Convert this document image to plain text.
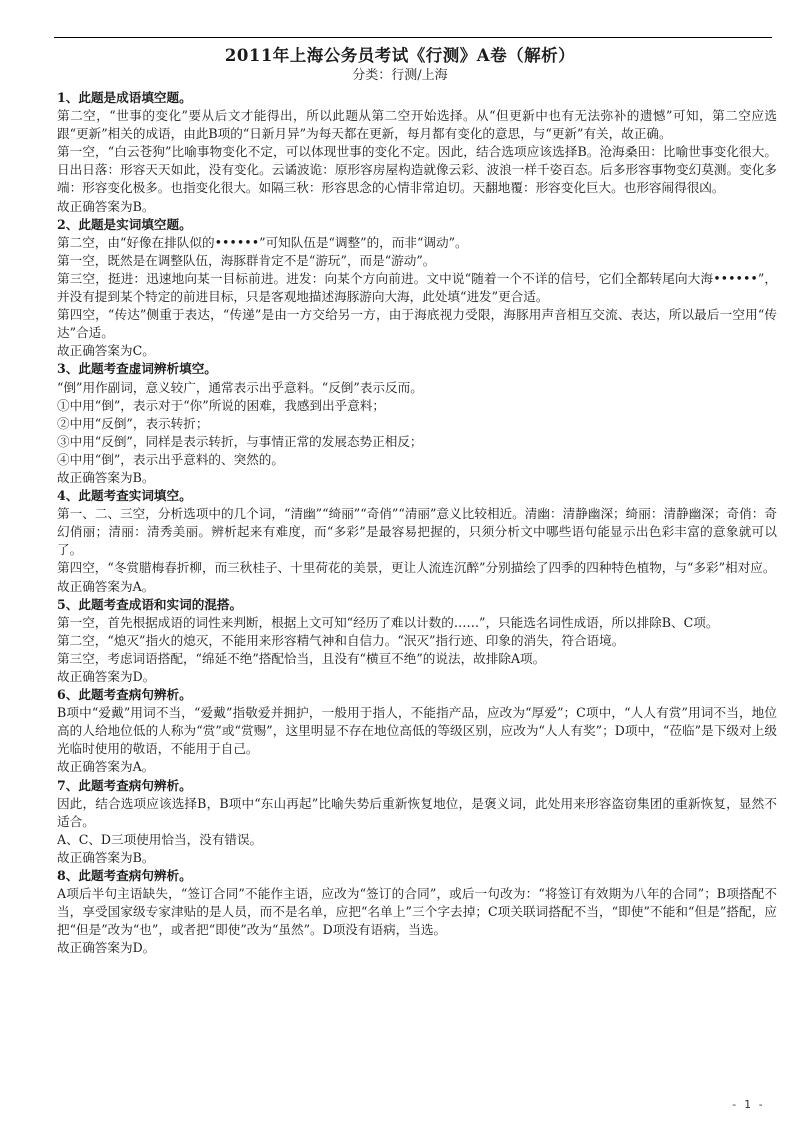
2011年上海公务员考试《行测》A卷（解析）
分类：行测/上海

1、此题是成语填空题。

第二空，“世事的变化”要从后文才能得出，所以此题从第二空开始选择。从“但更新中也有无法弥补的遗憾”可知，第二空应选跟“更新”相关的成语，由此B项的“日新月异”为每天都在更新，每月都有变化的意思，与“更新”有关，故正确。

第一空，“白云苍狗”比喻事物变化不定，可以体现世事的变化不定。因此，结合选项应该选择B。沧海桑田：比喻世事变化很大。日出日落：形容天天如此，没有变化。云谲波诡：原形容房屋构造就像云彩、波浪一样千姿百态。后多形容事物变幻莫测。变化多端：形容变化极多。也指变化很大。如隔三秋：形容思念的心情非常迫切。天翻地覆：形容变化巨大。也形容闹得很凶。

故正确答案为B。

2、此题是实词填空题。

第二空，由“好像在排队似的••••••”可知队伍是“调整”的，而非“调动”。

第一空，既然是在调整队伍，海豚群肯定不是“游玩”，而是“游动”。

第三空，挺进：迅速地向某一目标前进。进发：向某个方向前进。文中说“随着一个不详的信号，它们全都转尾向大海••••••”，并没有提到某个特定的前进目标，只是客观地描述海豚游向大海，此处填“进发”更合适。

第四空，“传达”侧重于表达，“传递”是由一方交给另一方，由于海底视力受限，海豚用声音相互交流、表达，所以最后一空用“传达”合适。

故正确答案为C。

3、此题考查虚词辨析填空。

“倒”用作副词，意义较广，通常表示出乎意料。“反倒”表示反而。

①中用“倒”，表示对于“你”所说的困难，我感到出乎意料；

②中用“反倒”，表示转折；

③中用“反倒”，同样是表示转折，与事情正常的发展态势正相反；

④中用“倒”，表示出乎意料的、突然的。

故正确答案为B。

4、此题考查实词填空。

第一、二、三空，分析选项中的几个词，“清幽”“绮丽”“奇俏”“清丽”意义比较相近。清幽：清静幽深；绮丽：清静幽深；奇俏：奇幻俏丽；清丽：清秀美丽。辨析起来有难度，而“多彩”是最容易把握的，只须分析文中哪些语句能显示出色彩丰富的意象就可以了。

第四空，“冬赏腊梅春折柳，而三秋桂子、十里荷花的美景，更让人流连沉醉”分别描绘了四季的四种特色植物，与“多彩”相对应。

故正确答案为A。

5、此题考查成语和实词的混搭。

第一空，首先根据成语的词性来判断，根据上文可知“经历了难以计数的……”，只能选名词性成语，所以排除B、C项。

第二空，“熄灭”指火的熄灭，不能用来形容精气神和自信力。“泯灭”指行迹、印象的消失，符合语境。

第三空，考虑词语搭配，“绵延不绝”搭配恰当，且没有“横亘不绝”的说法，故排除A项。

故正确答案为D。

6、此题考查病句辨析。

B项中“爱戴”用词不当，“爱戴”指敬爱并拥护，一般用于指人，不能指产品，应改为“厚爱”；C项中，“人人有赏”用词不当，地位高的人给地位低的人称为“赏”或“赏赐”，这里明显不存在地位高低的等级区别，应改为“人人有奖”；D项中，“莅临”是下级对上级光临时使用的敬语，不能用于自己。

故正确答案为A。

7、此题考查病句辨析。

因此，结合选项应该选择B，B项中“东山再起”比喻失势后重新恢复地位，是褒义词，此处用来形容盗窃集团的重新恢复，显然不适合。

A、C、D三项使用恰当，没有错误。

故正确答案为B。

8、此题考查病句辨析。

A项后半句主语缺失，“签订合同”不能作主语，应改为“签订的合同”，或后一句改为：“将签订有效期为八年的合同”；B项搭配不当，享受国家级专家津贴的是人员，而不是名单，应把“名单上”三个字去掉；C项关联词搭配不当，“即使”不能和“但是”搭配，应把“但是”改为“也”，或者把“即使”改为“虽然”。D项没有语病，当选。

故正确答案为D。

- 1 -
